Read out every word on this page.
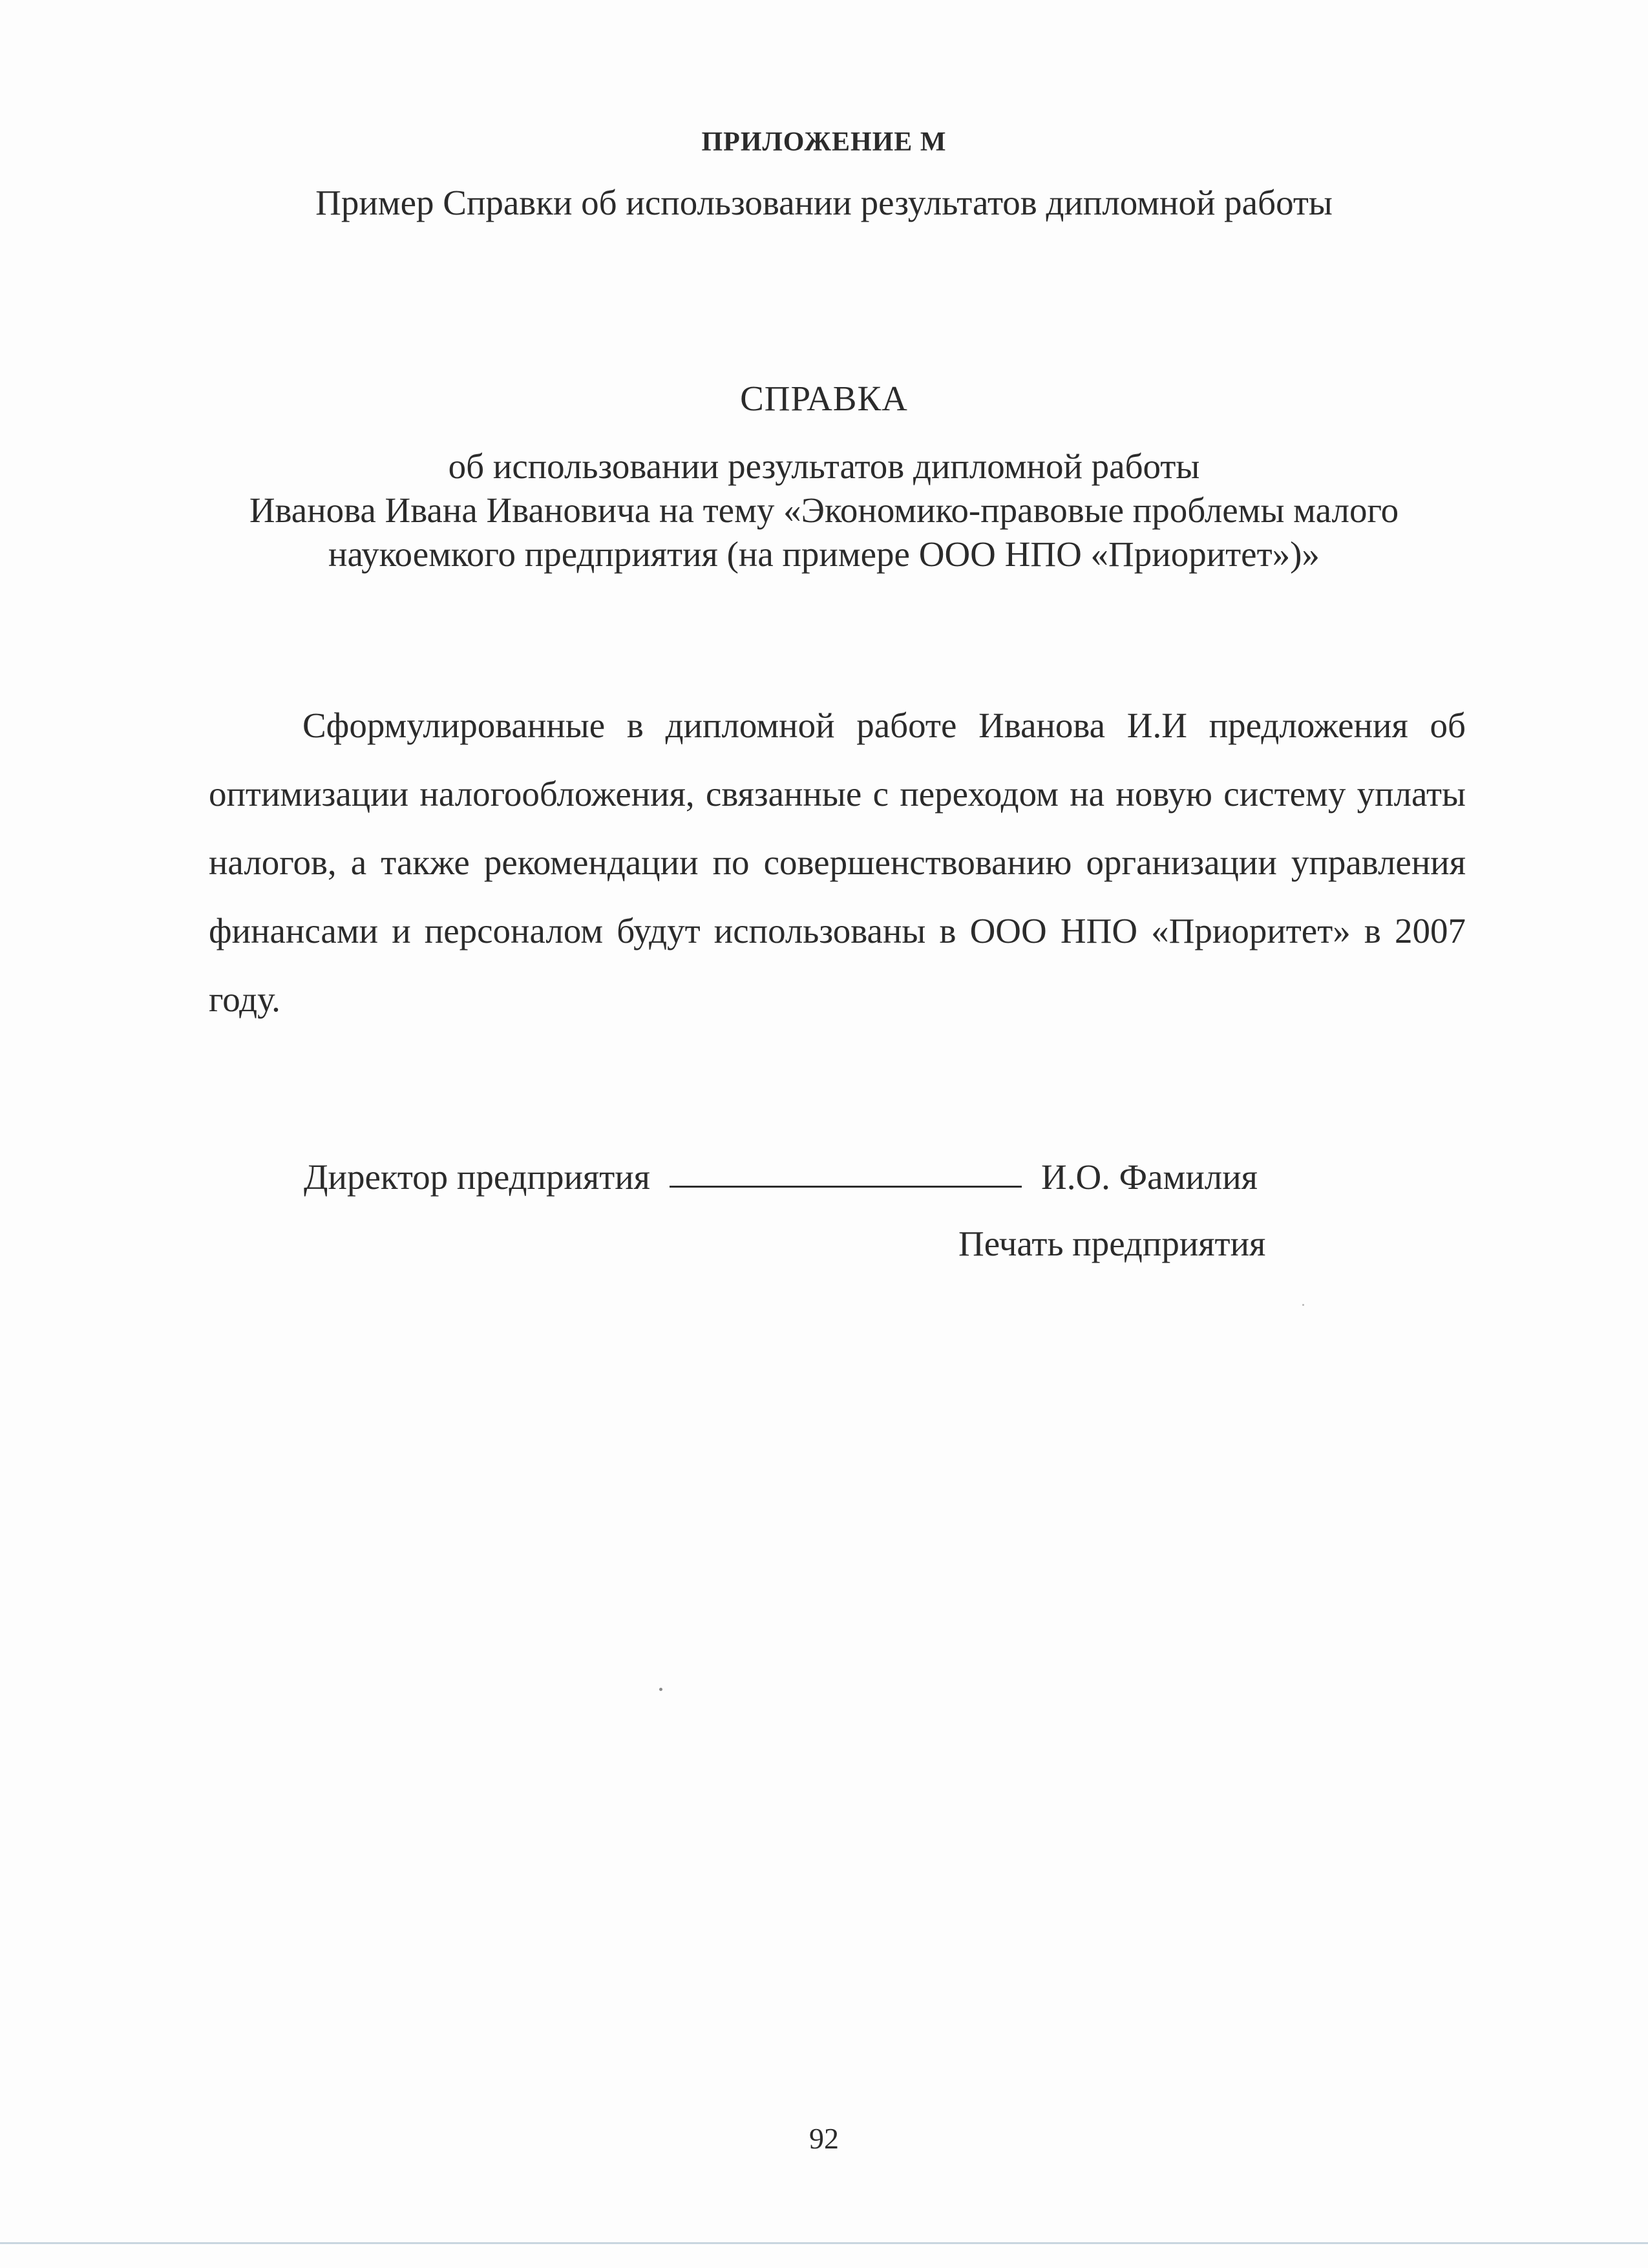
ПРИЛОЖЕНИЕ М

Пример Справки об использовании результатов дипломной работы

СПРАВКА

об использовании результатов дипломной работы

Иванова Ивана Ивановича на тему «Экономико-правовые проблемы малого

наукоемкого предприятия (на примере ООО НПО «Приоритет»)»

Сформулированные в дипломной работе Иванова И.И предложения об оптимизации налогообложения, связанные с переходом на новую систему уплаты налогов, а также рекомендации по совершенствованию организации управления финансами и персоналом будут использованы в ООО НПО «Приоритет» в 2007 году.

Директор предприятия	И.О. Фамилия
Печать предприятия

92
